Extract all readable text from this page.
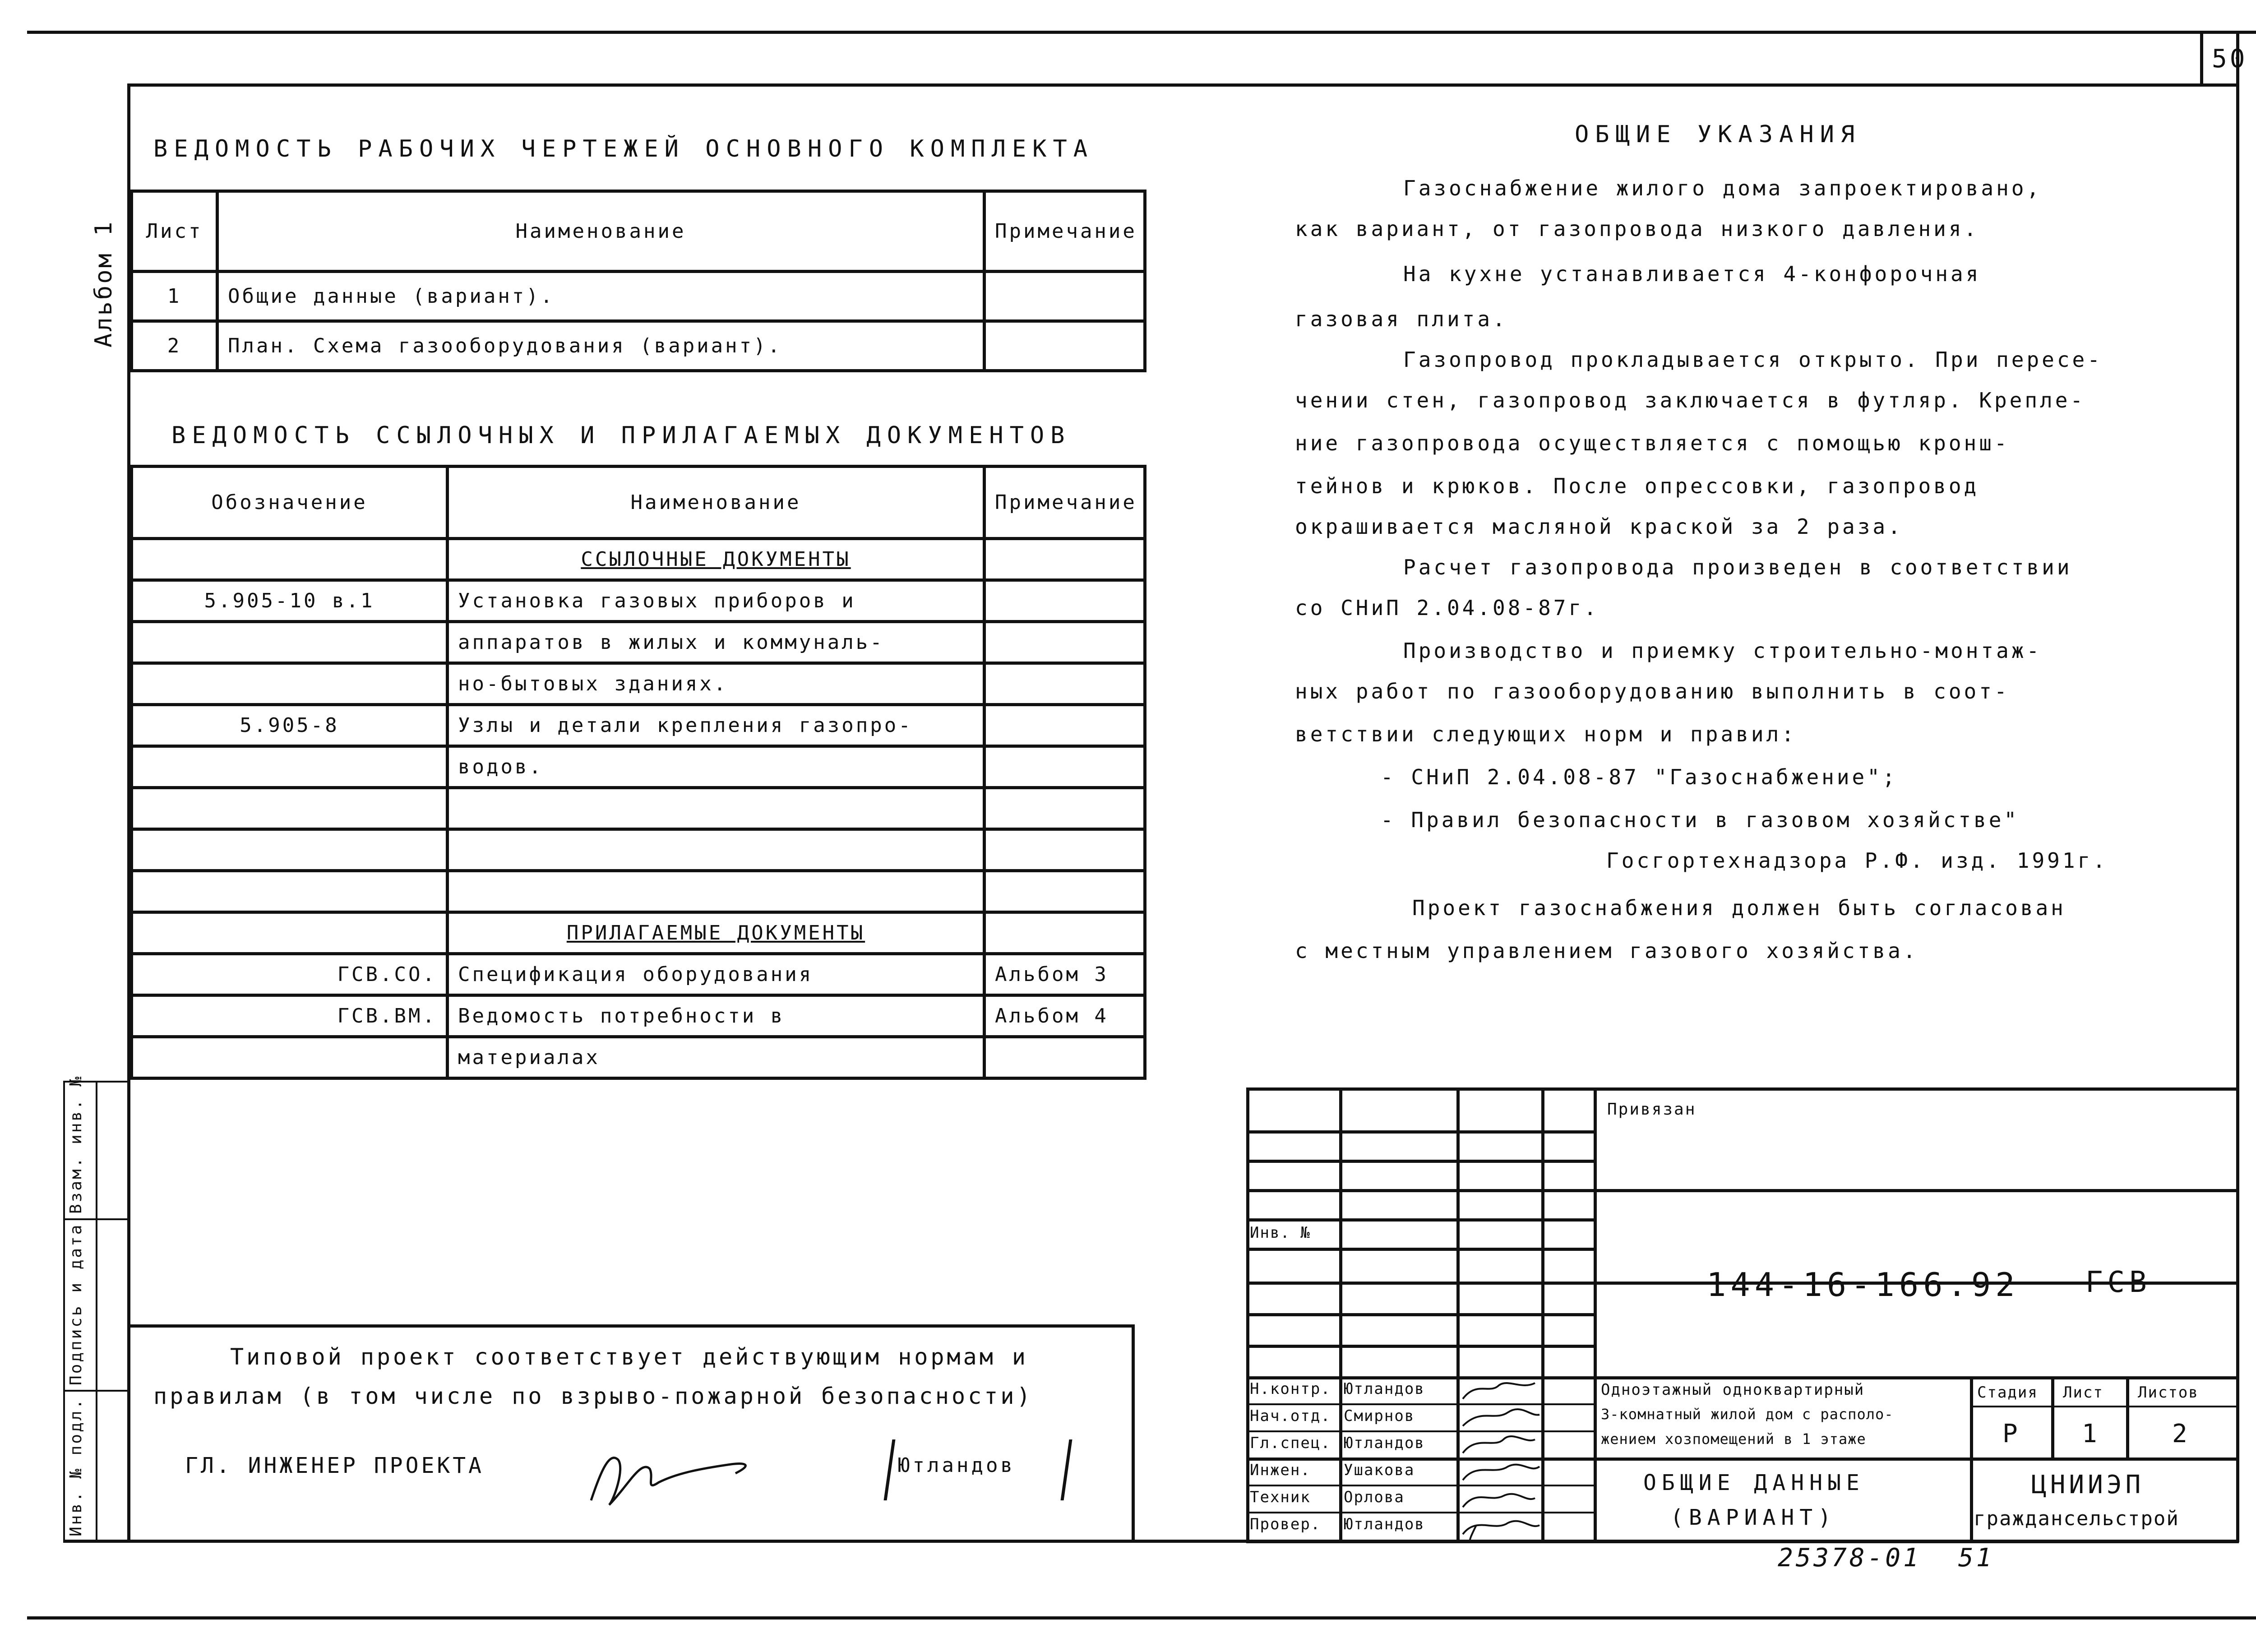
50
Альбом 1
Взам. инв. №
Подпись и дата
Инв. № подл.
ВЕДОМОСТЬ РАБОЧИХ ЧЕРТЕЖЕЙ ОСНОВНОГО КОМПЛЕКТА
Лист	Наименование	Примечание
1	Общие данные (вариант).	
2	План. Схема газооборудования (вариант).	
ВЕДОМОСТЬ ССЫЛОЧНЫХ И ПРИЛАГАЕМЫХ ДОКУМЕНТОВ
Обозначение	Наименование	Примечание
	ССЫЛОЧНЫЕ ДОКУМЕНТЫ	
5.905-10 в.1	Установка газовых приборов и	
	аппаратов в жилых и коммуналь-	
	но-бытовых зданиях.	
5.905-8	Узлы и детали крепления газопро-	
	водов.	

	ПРИЛАГАЕМЫЕ ДОКУМЕНТЫ	
ГСВ.СО.	Спецификация оборудования	Альбом 3
ГСВ.ВМ.	Ведомость потребности в	Альбом 4
	материалах	
ОБЩИЕ УКАЗАНИЯ
Газоснабжение жилого дома запроектировано,
как вариант, от газопровода низкого давления.
На кухне устанавливается 4-конфорочная
газовая плита.
Газопровод прокладывается открыто. При пересе-
чении стен, газопровод заключается в футляр. Крепле-
ние газопровода осуществляется с помощью кронш-
тейнов и крюков. После опрессовки, газопровод
окрашивается масляной краской за 2 раза.
Расчет газопровода произведен в соответствии
со СНиП 2.04.08-87г.
Производство и приемку строительно-монтаж-
ных работ по газооборудованию выполнить в соот-
ветствии следующих норм и правил:
- СНиП 2.04.08-87 "Газоснабжение";
- Правил безопасности в газовом хозяйстве"
Госгортехнадзора Р.Ф. изд. 1991г.
Проект газоснабжения должен быть согласован
с местным управлением газового хозяйства.
Типовой проект соответствует действующим нормам и
правилам (в том числе по взрыво-пожарной безопасности)
ГЛ. ИНЖЕНЕР ПРОЕКТА	Ютландов
Привязан
Инв. №
144-16-166.92 ГСВ
Н.контр. Ютландов
Нач.отд. Смирнов
Гл.спец. Ютландов
Инжен. Ушакова
Техник Орлова
Провер. Ютландов
Одноэтажный одноквартирный
3-комнатный жилой дом с располо-
жением хозпомещений в 1 этаже
Стадия Лист Листов
Р 1	2
ОБЩИЕ ДАННЫЕ
(ВАРИАНТ)
ЦНИИЭП
гражданcельстрой
25378-01 51
